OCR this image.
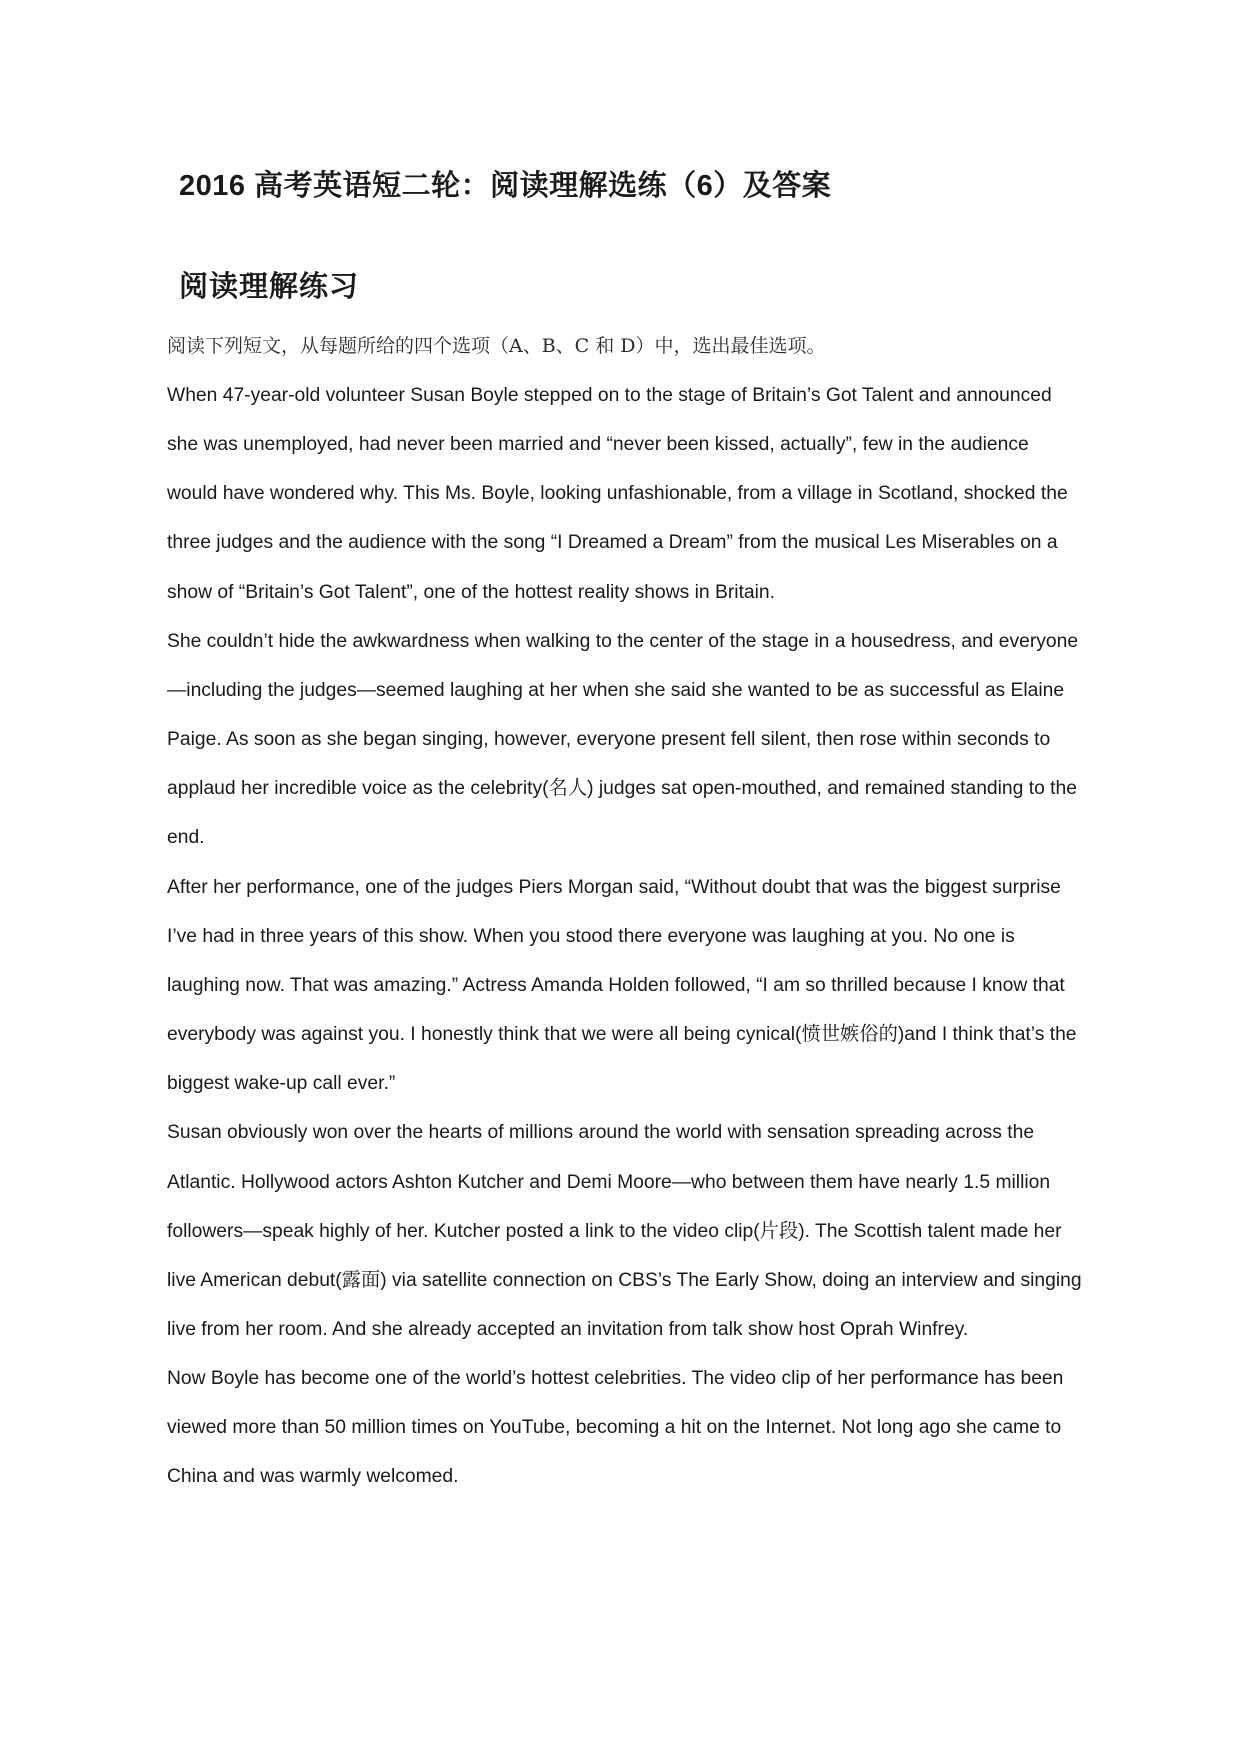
2016 高考英语短二轮：阅读理解选练（6）及答案
阅读理解练习

阅读下列短文，从每题所给的四个选项（A、B、C 和 D）中，选出最佳选项。

When 47-year-old volunteer Susan Boyle stepped on to the stage of Britain’s Got Talent and announced she was unemployed, had never been married and “never been kissed, actually”, few in the audience would have wondered why. This Ms. Boyle, looking unfashionable, from a village in Scotland, shocked the three judges and the audience with the song “I Dreamed a Dream” from the musical Les Miserables on a show of “Britain’s Got Talent”, one of the hottest reality shows in Britain.

She couldn’t hide the awkwardness when walking to the center of the stage in a housedress, and everyone—including the judges—seemed laughing at her when she said she wanted to be as successful as Elaine Paige. As soon as she began singing, however, everyone present fell silent, then rose within seconds to applaud her incredible voice as the celebrity(名人) judges sat open-mouthed, and remained standing to the end.

After her performance, one of the judges Piers Morgan said, “Without doubt that was the biggest surprise I’ve had in three years of this show. When you stood there everyone was laughing at you. No one is laughing now. That was amazing.” Actress Amanda Holden followed, “I am so thrilled because I know that everybody was against you. I honestly think that we were all being cynical(愤世嫉俗的)and I think that’s the biggest wake-up call ever.”

Susan obviously won over the hearts of millions around the world with sensation spreading across the Atlantic. Hollywood actors Ashton Kutcher and Demi Moore—who between them have nearly 1.5 million followers—speak highly of her. Kutcher posted a link to the video clip(片段). The Scottish talent made her live American debut(露面) via satellite connection on CBS’s The Early Show, doing an interview and singing live from her room. And she already accepted an invitation from talk show host Oprah Winfrey.

Now Boyle has become one of the world’s hottest celebrities. The video clip of her performance has been viewed more than 50 million times on YouTube, becoming a hit on the Internet. Not long ago she came to China and was warmly welcomed.
